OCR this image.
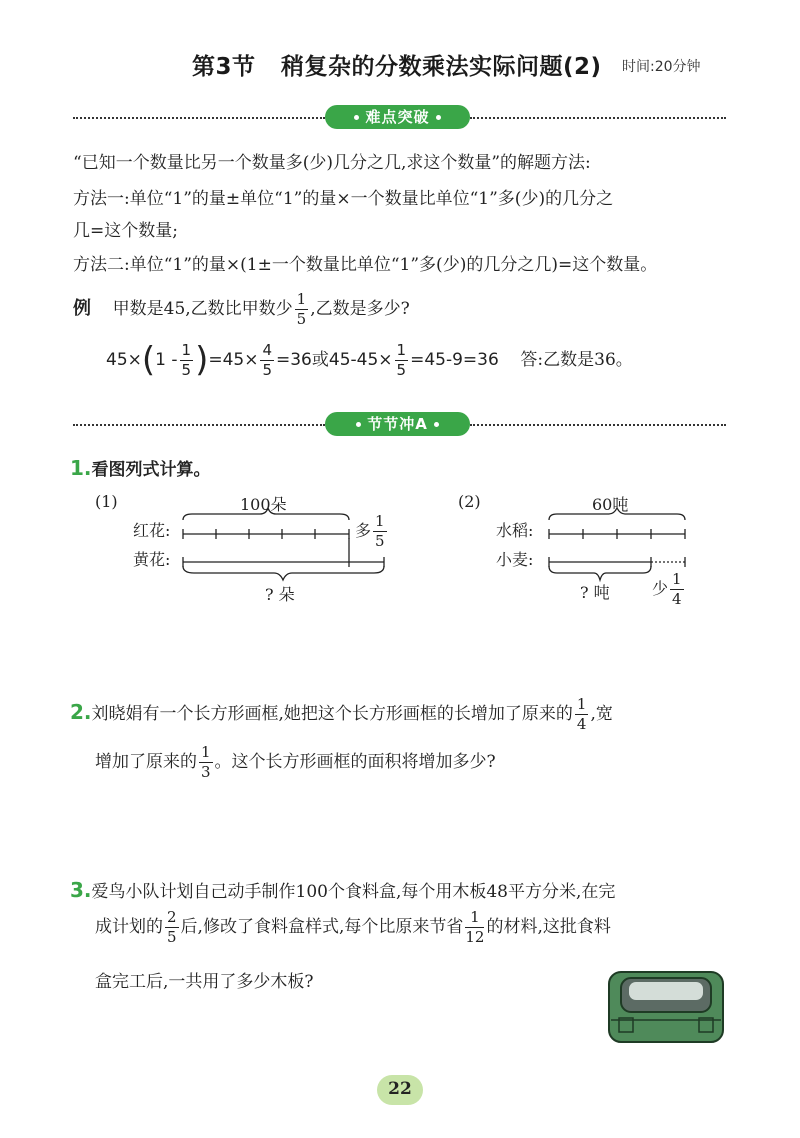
第3节 稍复杂的分数乘法实际问题(2) 时间:20分钟
难点突破
“已知一个数量比另一个数量多(少)几分之几,求这个数量”的解题方法:
方法一:单位“1”的量±单位“1”的量×一个数量比单位“1”多(少)的几分之
几=这个数量;
方法二:单位“1”的量×(1±一个数量比单位“1”多(少)的几分之几)=这个数量。
例 甲数是45,乙数比甲数少 $\frac{1}{5}$ ,乙数是多少?
$45\times(1 - \frac{1}{5} )=45\times \frac{4}{5} =36$或$45-45\times \frac{1}{5} =45-9=36$ 答:乙数是36。
节节冲A
1.看图列式计算。
(1)	100朵
红花:
黄花:
多 $\frac{1}{5}$
? 朵
(2)	60吨
水稻:
小麦:
? 吨	少 $\frac{1}{4}$
2.刘晓娟有一个长方形画框,她把这个长方形画框的长增加了原来的 $\frac{1}{4}$ ,宽
增加了原来的 $\frac{1}{3}$ 。这个长方形画框的面积将增加多少?
3.爱鸟小队计划自己动手制作100个食料盒,每个用木板48平方分米,在完
成计划的 $\frac{2}{5}$ 后,修改了食料盒样式,每个比原来节省 $\frac{1}{12}$ 的材料,这批食料
盒完工后,一共用了多少木板?
22
